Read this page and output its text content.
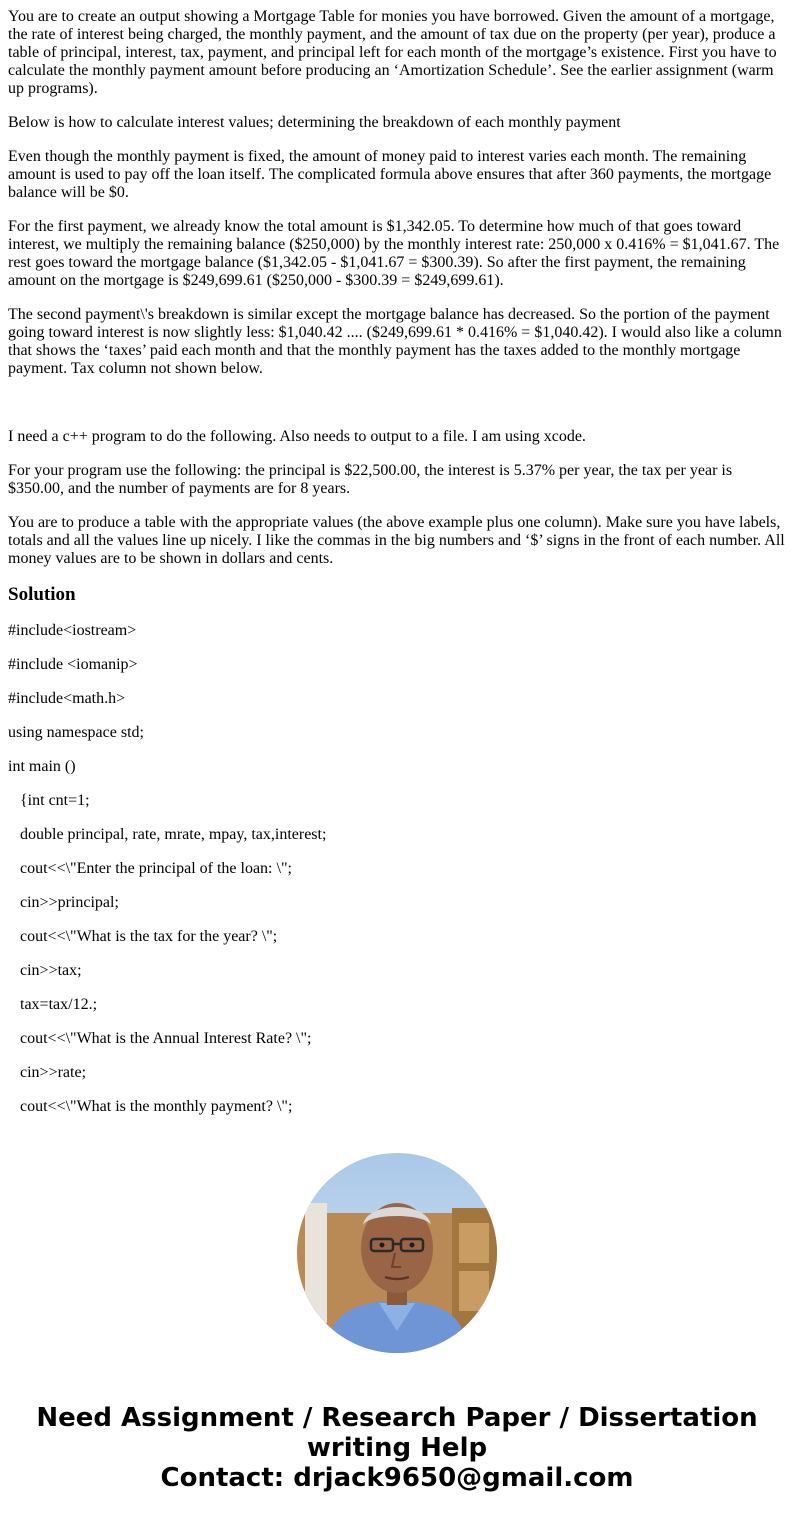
You are to create an output showing a Mortgage Table for monies you have borrowed. Given the amount of a mortgage, the rate of interest being charged, the monthly payment, and the amount of tax due on the property (per year), produce a table of principal, interest, tax, payment, and principal left for each month of the mortgage’s existence. First you have to calculate the monthly payment amount before producing an ‘Amortization Schedule’. See the earlier assignment (warm up programs).

Below is how to calculate interest values; determining the breakdown of each monthly payment

Even though the monthly payment is fixed, the amount of money paid to interest varies each month. The remaining amount is used to pay off the loan itself. The complicated formula above ensures that after 360 payments, the mortgage balance will be $0.

For the first payment, we already know the total amount is $1,342.05. To determine how much of that goes toward interest, we multiply the remaining balance ($250,000) by the monthly interest rate: 250,000 x 0.416% = $1,041.67. The rest goes toward the mortgage balance ($1,342.05 - $1,041.67 = $300.39). So after the first payment, the remaining amount on the mortgage is $249,699.61 ($250,000 - $300.39 = $249,699.61).

The second payment\'s breakdown is similar except the mortgage balance has decreased. So the portion of the payment going toward interest is now slightly less: $1,040.42 .... ($249,699.61 * 0.416% = $1,040.42). I would also like a column that shows the ‘taxes’ paid each month and that the monthly payment has the taxes added to the monthly mortgage payment. Tax column not shown below.

I need a c++ program to do the following. Also needs to output to a file. I am using xcode.

For your program use the following: the principal is $22,500.00, the interest is 5.37% per year, the tax per year is $350.00, and the number of payments are for 8 years.

You are to produce a table with the appropriate values (the above example plus one column). Make sure you have labels, totals and all the values line up nicely. I like the commas in the big numbers and ‘$’ signs in the front of each number. All money values are to be shown in dollars and cents.

Solution
#include<iostream>
#include <iomanip>
#include<math.h>
using namespace std;
int main ()
{int cnt=1;
double principal, rate, mrate, mpay, tax,interest;
cout<<\"Enter the principal of the loan: \";
cin>>principal;
cout<<\"What is the tax for the year? \";
cin>>tax;
tax=tax/12.;
cout<<\"What is the Annual Interest Rate? \";
cin>>rate;
cout<<\"What is the monthly payment? \";
Need Assignment / Research Paper / Dissertation
writing Help
Contact: drjack9650@gmail.com
